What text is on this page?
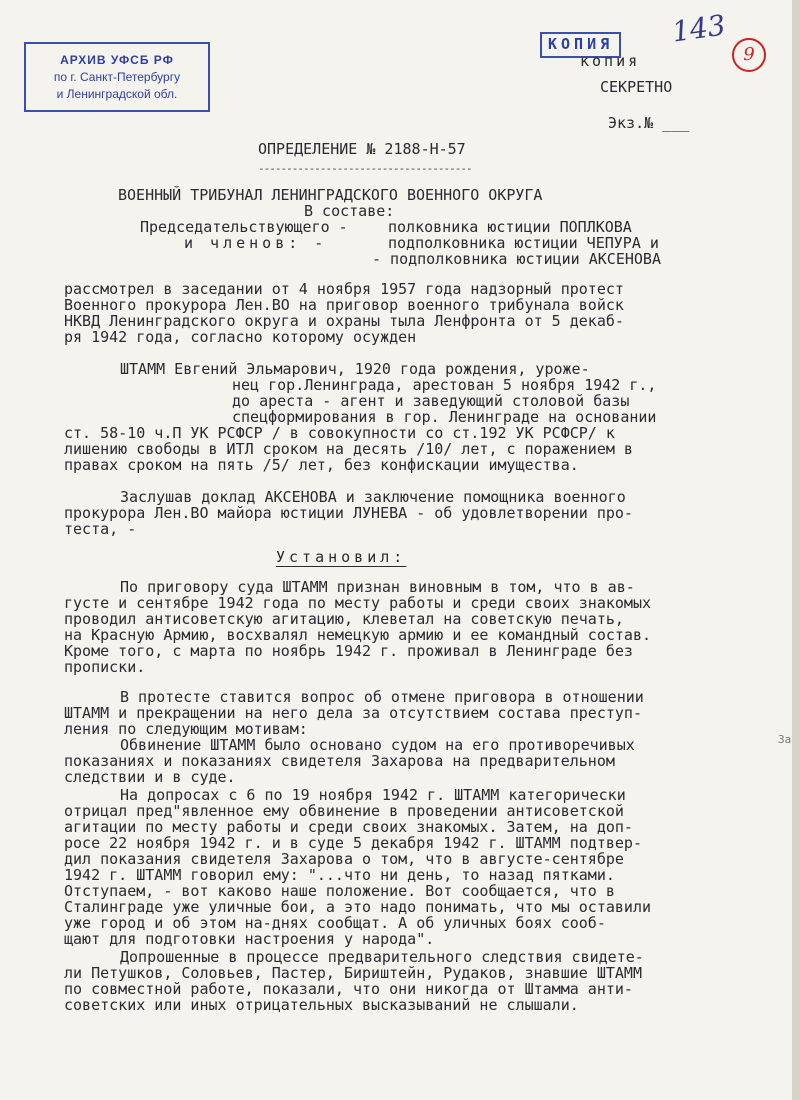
АРХИВ УФСБ РФ
по г. Санкт-Петербургу
и Ленинградской обл.
КОПИЯ
копия
143
9
СЕКРЕТНО
Экз.№ ___
ОПРЕДЕЛЕНИЕ № 2188-Н-57
--------------------------------------
ВОЕННЫЙ ТРИБУНАЛ ЛЕНИНГРАДСКОГО ВОЕННОГО ОКРУГА
В составе:
Председательствующего -	полковника юстиции ПОПЛКОВА
и членов: -	подполковника юстиции ЧЕПУРА и
- подполковника юстиции АКСЕНОВА
рассмотрел в заседании от 4 ноября 1957 года надзорный протест
Военного прокурора Лен.ВО на приговор военного трибунала войск
НКВД Ленинградского округа и охраны тыла Ленфронта от 5 декаб-
ря 1942 года, согласно которому осужден
ШТАММ Евгений Эльмарович, 1920 года рождения, уроже-
нец гор.Ленинграда, арестован 5 ноября 1942 г.,
до ареста - агент и заведующий столовой базы
спецформирования в гор. Ленинграде на основании
ст. 58-10 ч.П УК РСФСР / в совокупности со ст.192 УК РСФСР/ к
лишению свободы в ИТЛ сроком на десять /10/ лет, с поражением в
правах сроком на пять /5/ лет, без конфискации имущества.
Заслушав доклад АКСЕНОВА и заключение помощника военного
прокурора Лен.ВО майора юстиции ЛУНЕВА - об удовлетворении про-
теста, -
Установил:
По приговору суда ШТАММ признан виновным в том, что в ав-
густе и сентябре 1942 года по месту работы и среди своих знакомых
проводил антисоветскую агитацию, клеветал на советскую печать,
на Красную Армию, восхвалял немецкую армию и ее командный состав.
Кроме того, с марта по ноябрь 1942 г. проживал в Ленинграде без
прописки.
В протесте ставится вопрос об отмене приговора в отношении
ШТАММ и прекращении на него дела за отсутствием состава преступ-
ления по следующим мотивам:
Обвинение ШТАММ было основано судом на его противоречивых
показаниях и показаниях свидетеля Захарова на предварительном
следствии и в суде.
На допросах с 6 по 19 ноября 1942 г. ШТАММ категорически
отрицал пред"явленное ему обвинение в проведении антисоветской
агитации по месту работы и среди своих знакомых. Затем, на доп-
росе 22 ноября 1942 г. и в суде 5 декабря 1942 г. ШТАММ подтвер-
дил показания свидетеля Захарова о том, что в августе-сентябре
1942 г. ШТАММ говорил ему: "...что ни день, то назад пятками.
Отступаем, - вот каково наше положение. Вот сообщается, что в
Сталинграде уже уличные бои, а это надо понимать, что мы оставили
уже город и об этом на-днях сообщат. А об уличных боях сооб-
щают для подготовки настроения у народа".
Допрошенные в процессе предварительного следствия свидете-
ли Петушков, Соловьев, Пастер, Бириштейн, Рудаков, знавшие ШТАММ
по совместной работе, показали, что они никогда от Штамма анти-
советских или иных отрицательных высказываний не слышали.
За
